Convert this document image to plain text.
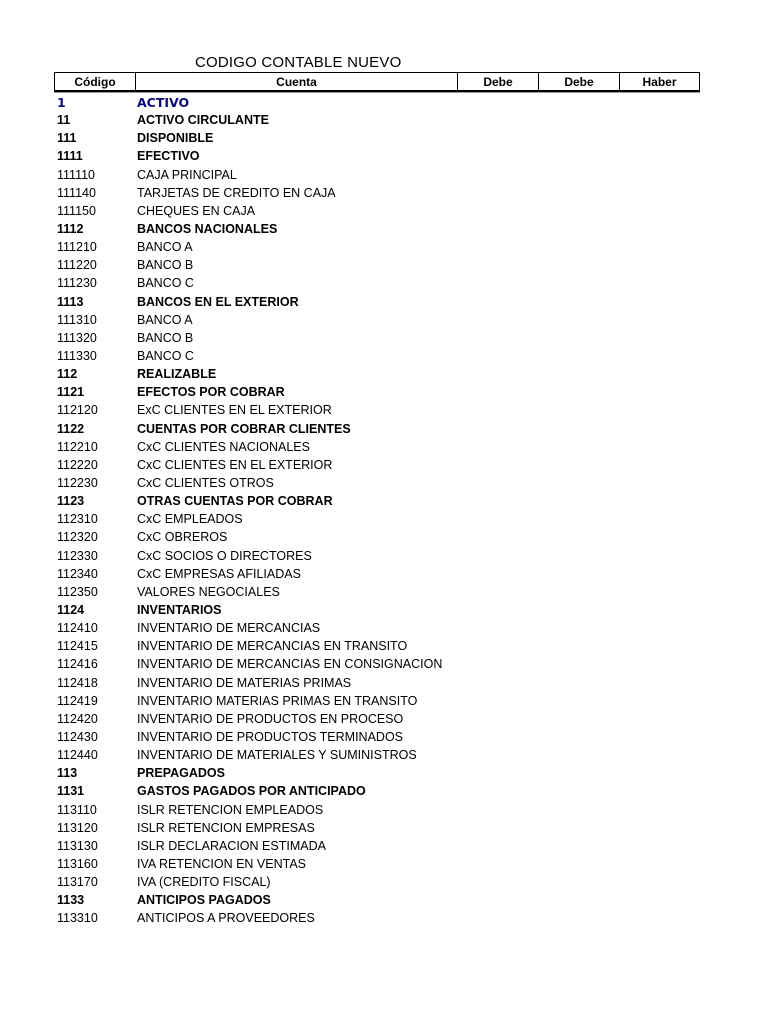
CODIGO CONTABLE NUEVO
Código	Cuenta	Debe	Debe	Haber
1	ACTIVO
11	ACTIVO CIRCULANTE
111	DISPONIBLE
1111	EFECTIVO
111110	CAJA PRINCIPAL
111140	TARJETAS DE CREDITO EN CAJA
111150	CHEQUES EN CAJA
1112	BANCOS NACIONALES
111210	BANCO A
111220	BANCO B
111230	BANCO C
1113	BANCOS EN EL EXTERIOR
111310	BANCO A
111320	BANCO B
111330	BANCO C
112	REALIZABLE
1121	EFECTOS POR COBRAR
112120	ExC CLIENTES EN EL EXTERIOR
1122	CUENTAS POR COBRAR CLIENTES
112210	CxC CLIENTES NACIONALES
112220	CxC CLIENTES EN EL EXTERIOR
112230	CxC CLIENTES OTROS
1123	OTRAS CUENTAS POR COBRAR
112310	CxC EMPLEADOS
112320	CxC OBREROS
112330	CxC SOCIOS O DIRECTORES
112340	CxC EMPRESAS AFILIADAS
112350	VALORES NEGOCIALES
1124	INVENTARIOS
112410	INVENTARIO DE MERCANCIAS
112415	INVENTARIO DE MERCANCIAS EN TRANSITO
112416	INVENTARIO DE MERCANCIAS EN CONSIGNACION
112418	INVENTARIO DE MATERIAS PRIMAS
112419	INVENTARIO MATERIAS PRIMAS EN TRANSITO
112420	INVENTARIO DE PRODUCTOS EN PROCESO
112430	INVENTARIO DE PRODUCTOS TERMINADOS
112440	INVENTARIO DE MATERIALES Y SUMINISTROS
113	PREPAGADOS
1131	GASTOS PAGADOS POR ANTICIPADO
113110	ISLR RETENCION EMPLEADOS
113120	ISLR RETENCION EMPRESAS
113130	ISLR DECLARACION ESTIMADA
113160	IVA RETENCION EN VENTAS
113170	IVA (CREDITO FISCAL)
1133	ANTICIPOS PAGADOS
113310	ANTICIPOS A PROVEEDORES
